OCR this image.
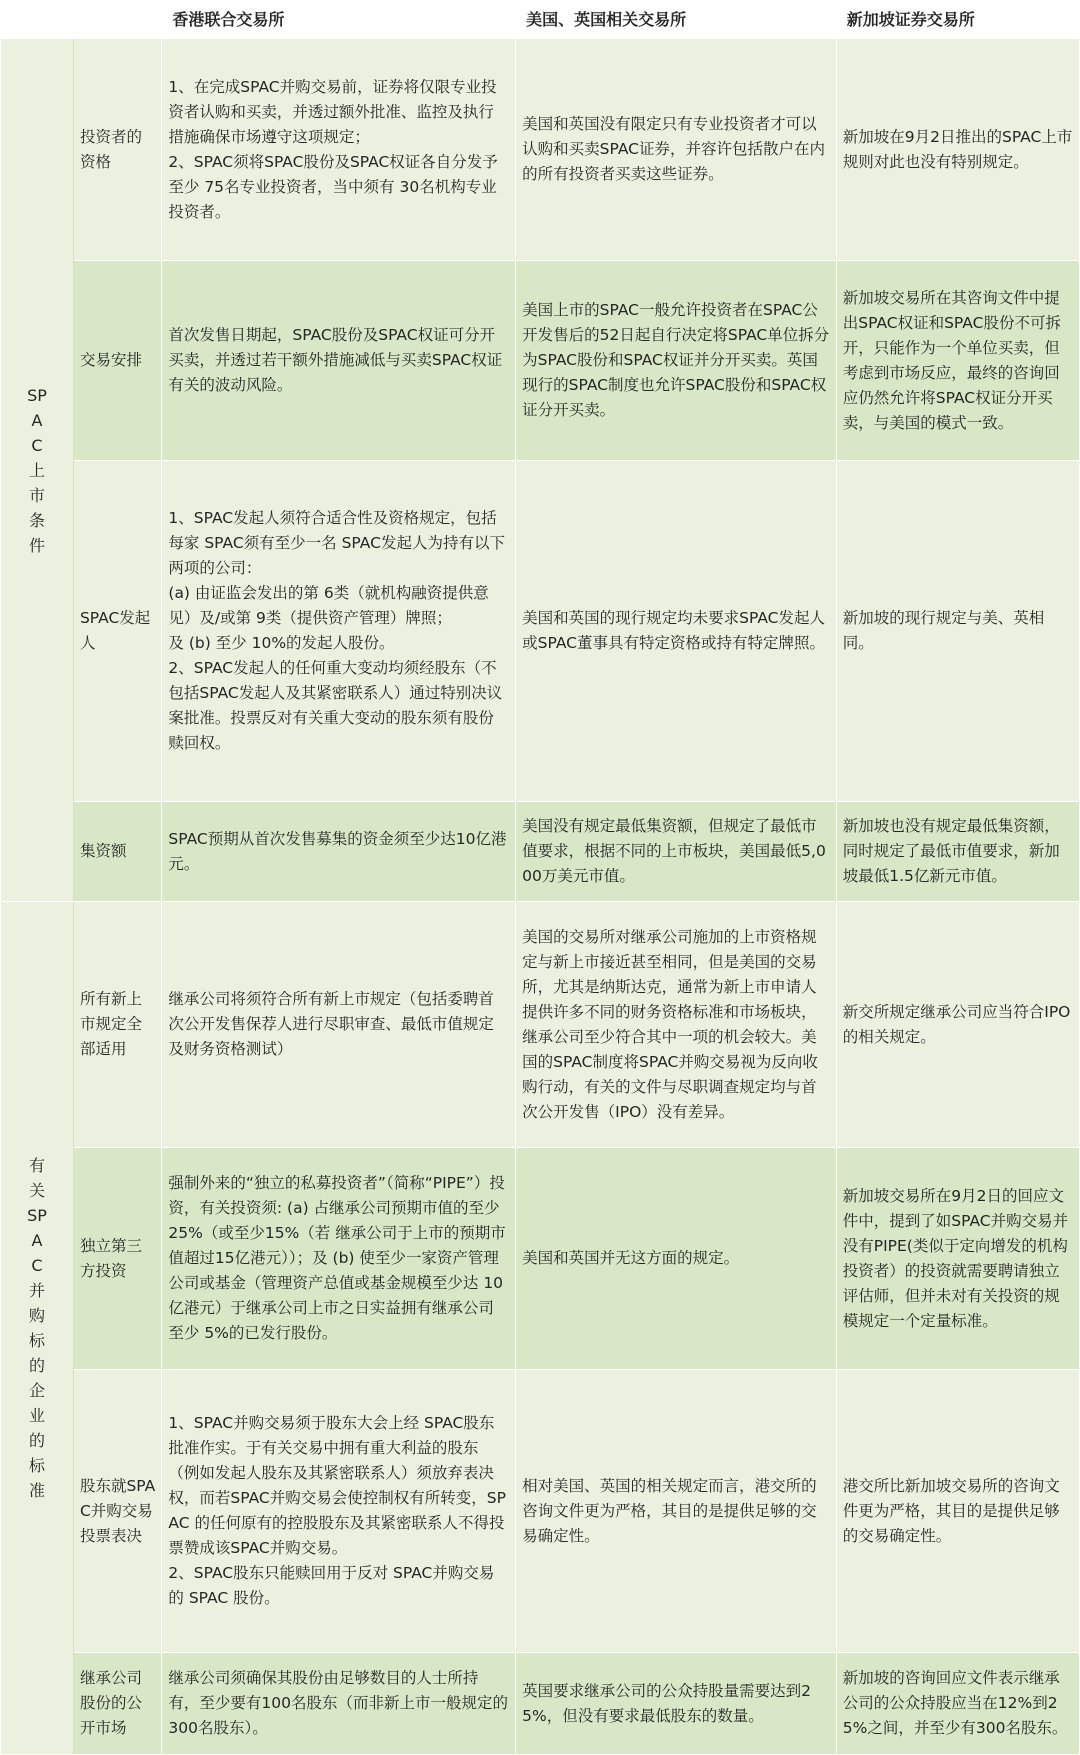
		香港联合交易所	美国、英国相关交易所	新加坡证券交易所

SPAC上市条件	投资者的资格	1、在完成SPAC并购交易前，证券将仅限专业投资者认购和买卖，并透过额外批准、监控及执行措施确保市场遵守这项规定；
2、SPAC须将SPAC股份及SPAC权证各自分发予至少 75名专业投资者，当中须有 30名机构专业投资者。	美国和英国没有限定只有专业投资者才可以认购和买卖SPAC证券，并容许包括散户在内的所有投资者买卖这些证券。	新加坡在9月2日推出的SPAC上市规则对此也没有特别规定。
	交易安排	首次发售日期起，SPAC股份及SPAC权证可分开买卖，并透过若干额外措施减低与买卖SPAC权证有关的波动风险。	美国上市的SPAC一般允许投资者在SPAC公开发售后的52日起自行决定将SPAC单位拆分为SPAC股份和SPAC权证并分开买卖。英国现行的SPAC制度也允许SPAC股份和SPAC权证分开买卖。	新加坡交易所在其咨询文件中提出SPAC权证和SPAC股份不可拆开，只能作为一个单位买卖，但考虑到市场反应，最终的咨询回应仍然允许将SPAC权证分开买卖，与美国的模式一致。
	SPAC发起人	1、SPAC发起人须符合适合性及资格规定，包括每家 SPAC须有至少一名 SPAC发起人为持有以下两项的公司：
(a) 由证监会发出的第 6类（就机构融资提供意见）及/或第 9类（提供资产管理）牌照；
及 (b) 至少 10%的发起人股份。
2、SPAC发起人的任何重大变动均须经股东（不包括SPAC发起人及其紧密联系人）通过特别决议案批准。投票反对有关重大变动的股东须有股份赎回权。	美国和英国的现行规定均未要求SPAC发起人或SPAC董事具有特定资格或持有特定牌照。	新加坡的现行规定与美、英相同。
	集资额	SPAC预期从首次发售募集的资金须至少达10亿港元。	美国没有规定最低集资额，但规定了最低市值要求，根据不同的上市板块，美国最低5,000万美元市值。	新加坡也没有规定最低集资额，同时规定了最低市值要求，新加坡最低1.5亿新元市值。

有关SPAC并购标的企业的标准	所有新上市规定全部适用	继承公司将须符合所有新上市规定（包括委聘首次公开发售保荐人进行尽职审查、最低市值规定及财务资格测试）	美国的交易所对继承公司施加的上市资格规定与新上市接近甚至相同，但是美国的交易所，尤其是纳斯达克，通常为新上市申请人提供许多不同的财务资格标准和市场板块，继承公司至少符合其中一项的机会较大。美国的SPAC制度将SPAC并购交易视为反向收购行动，有关的文件与尽职调查规定均与首次公开发售（IPO）没有差异。	新交所规定继承公司应当符合IPO的相关规定。
	独立第三方投资	强制外来的“独立的私募投资者”（简称“PIPE”）投资，有关投资须: (a) 占继承公司预期市值的至少 25%（或至少15%（若 继承公司于上市的预期市值超过15亿港元））；及 (b) 使至少一家资产管理公司或基金（管理资产总值或基金规模至少达 10亿港元）于继承公司上市之日实益拥有继承公司至少 5%的已发行股份。	美国和英国并无这方面的规定。	新加坡交易所在9月2日的回应文件中，提到了如SPAC并购交易并没有PIPE(类似于定向增发的机构投资者）的投资就需要聘请独立评估师，但并未对有关投资的规模规定一个定量标准。
	股东就SPAC并购交易投票表决	1、SPAC并购交易须于股东大会上经 SPAC股东批准作实。于有关交易中拥有重大利益的股东（例如发起人股东及其紧密联系人）须放弃表决权，而若SPAC并购交易会使控制权有所转变，SPAC 的任何原有的控股股东及其紧密联系人不得投票赞成该SPAC并购交易。
2、SPAC股东只能赎回用于反对 SPAC并购交易的 SPAC 股份。	相对美国、英国的相关规定而言，港交所的咨询文件更为严格，其目的是提供足够的交易确定性。	港交所比新加坡交易所的咨询文件更为严格，其目的是提供足够的交易确定性。
	继承公司股份的公开市场	继承公司须确保其股份由足够数目的人士所持有，至少要有100名股东（而非新上市一般规定的 300名股东）。	英国要求继承公司的公众持股量需要达到25%，但没有要求最低股东的数量。	新加坡的咨询回应文件表示继承公司的公众持股应当在12%到25%之间，并至少有300名股东。
